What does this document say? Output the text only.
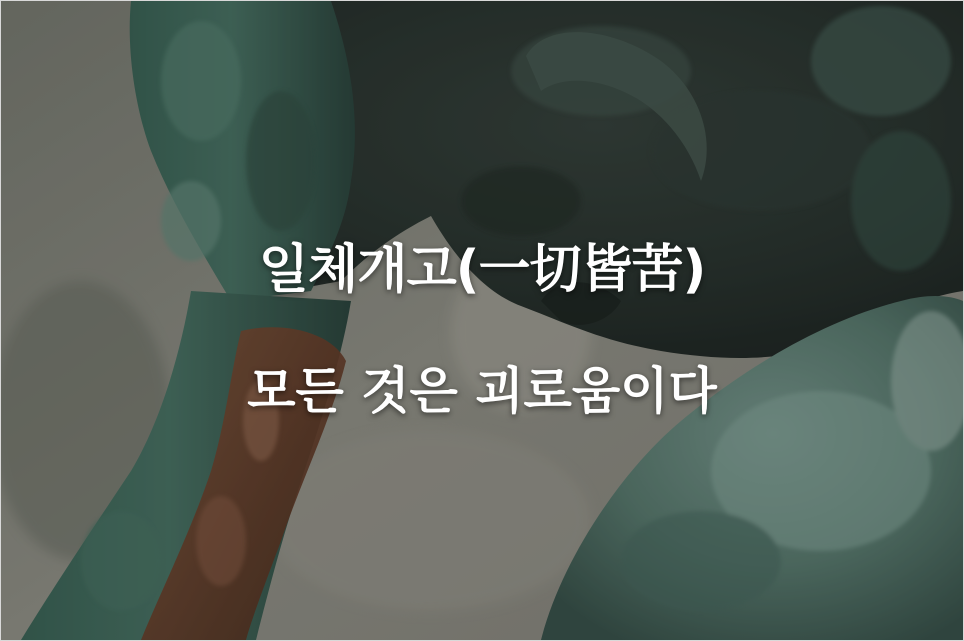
일체개고(一切皆苦)
모든 것은 괴로움이다
